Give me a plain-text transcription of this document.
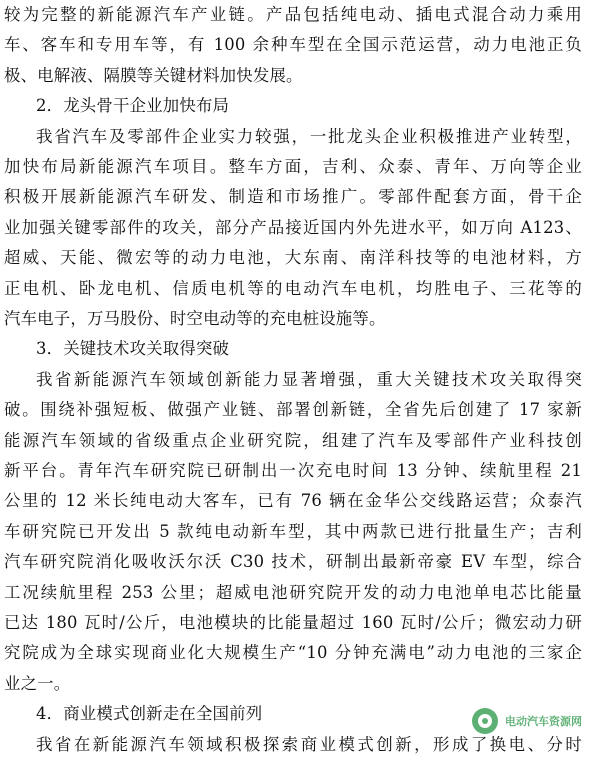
较为完整的新能源汽车产业链。产品包括纯电动、插电式混合动力乘用
车、客车和专用车等，有 100 余种车型在全国示范运营，动力电池正负
极、电解液、隔膜等关键材料加快发展。
2．龙头骨干企业加快布局
我省汽车及零部件企业实力较强，一批龙头企业积极推进产业转型，
加快布局新能源汽车项目。整车方面，吉利、众泰、青年、万向等企业
积极开展新能源汽车研发、制造和市场推广。零部件配套方面，骨干企
业加强关键零部件的攻关，部分产品接近国内外先进水平，如万向 A123、
超威、天能、微宏等的动力电池，大东南、南洋科技等的电池材料，方
正电机、卧龙电机、信质电机等的电动汽车电机，均胜电子、三花等的
汽车电子，万马股份、时空电动等的充电桩设施等。
3．关键技术攻关取得突破
我省新能源汽车领域创新能力显著增强，重大关键技术攻关取得突
破。围绕补强短板、做强产业链、部署创新链，全省先后创建了 17 家新
能源汽车领域的省级重点企业研究院，组建了汽车及零部件产业科技创
新平台。青年汽车研究院已研制出一次充电时间 13 分钟、续航里程 21
公里的 12 米长纯电动大客车，已有 76 辆在金华公交线路运营；众泰汽
车研究院已开发出 5 款纯电动新车型，其中两款已进行批量生产；吉利
汽车研究院消化吸收沃尔沃 C30 技术，研制出最新帝豪 EV 车型，综合
工况续航里程 253 公里；超威电池研究院开发的动力电池单电芯比能量
已达 180 瓦时/公斤，电池模块的比能量超过 160 瓦时/公斤；微宏动力研
究院成为全球实现商业化大规模生产“10 分钟充满电”动力电池的三家企
业之一。
4．商业模式创新走在全国前列
我省在新能源汽车领域积极探索商业模式创新，形成了换电、分时
电动汽车资源网
